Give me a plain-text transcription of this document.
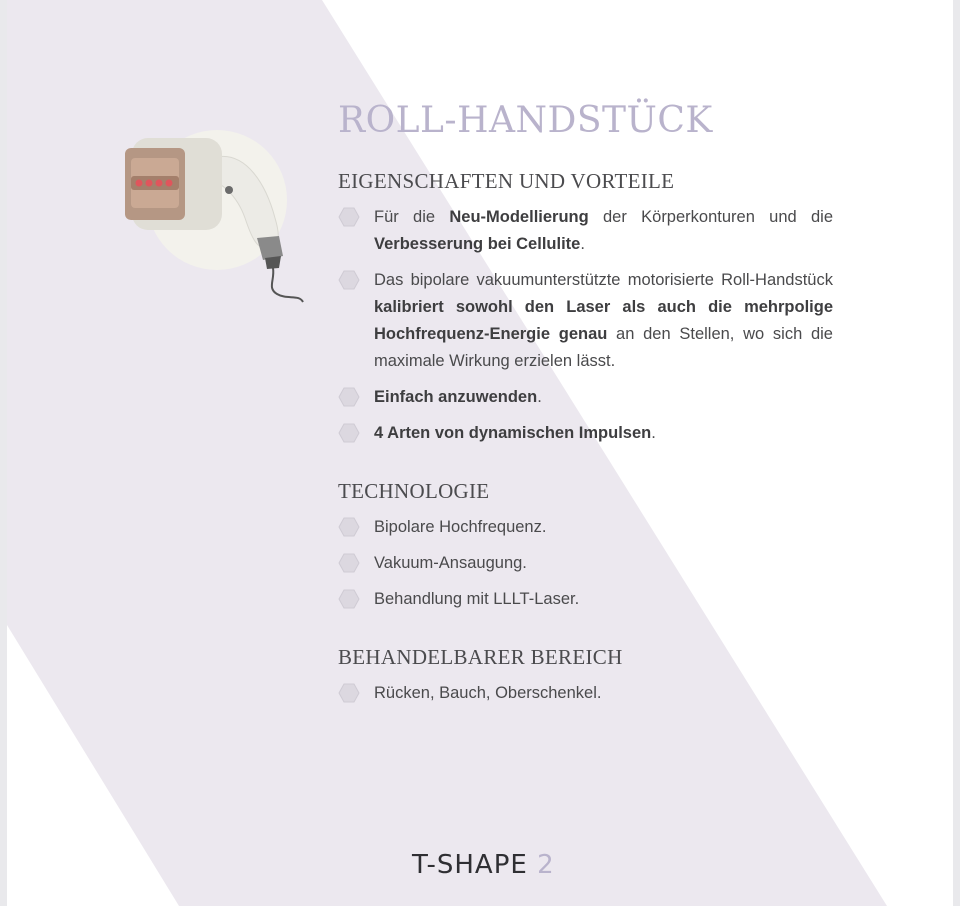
ROLL-HANDSTÜCK
EIGENSCHAFTEN UND VORTEILE
Für die Neu-Modellierung der Körperkonturen und die Verbesserung bei Cellulite.
Das bipolare vakuumunterstützte motorisierte Roll-Handstück kalibriert sowohl den Laser als auch die mehrpolige Hochfrequenz-Energie genau an den Stellen, wo sich die maximale Wirkung erzielen lässt.
Einfach anzuwenden.
4 Arten von dynamischen Impulsen.
TECHNOLOGIE
Bipolare Hochfrequenz.
Vakuum-Ansaugung.
Behandlung mit LLLT-Laser.
BEHANDELBARER BEREICH
Rücken, Bauch, Oberschenkel.
T-SHAPE 2
